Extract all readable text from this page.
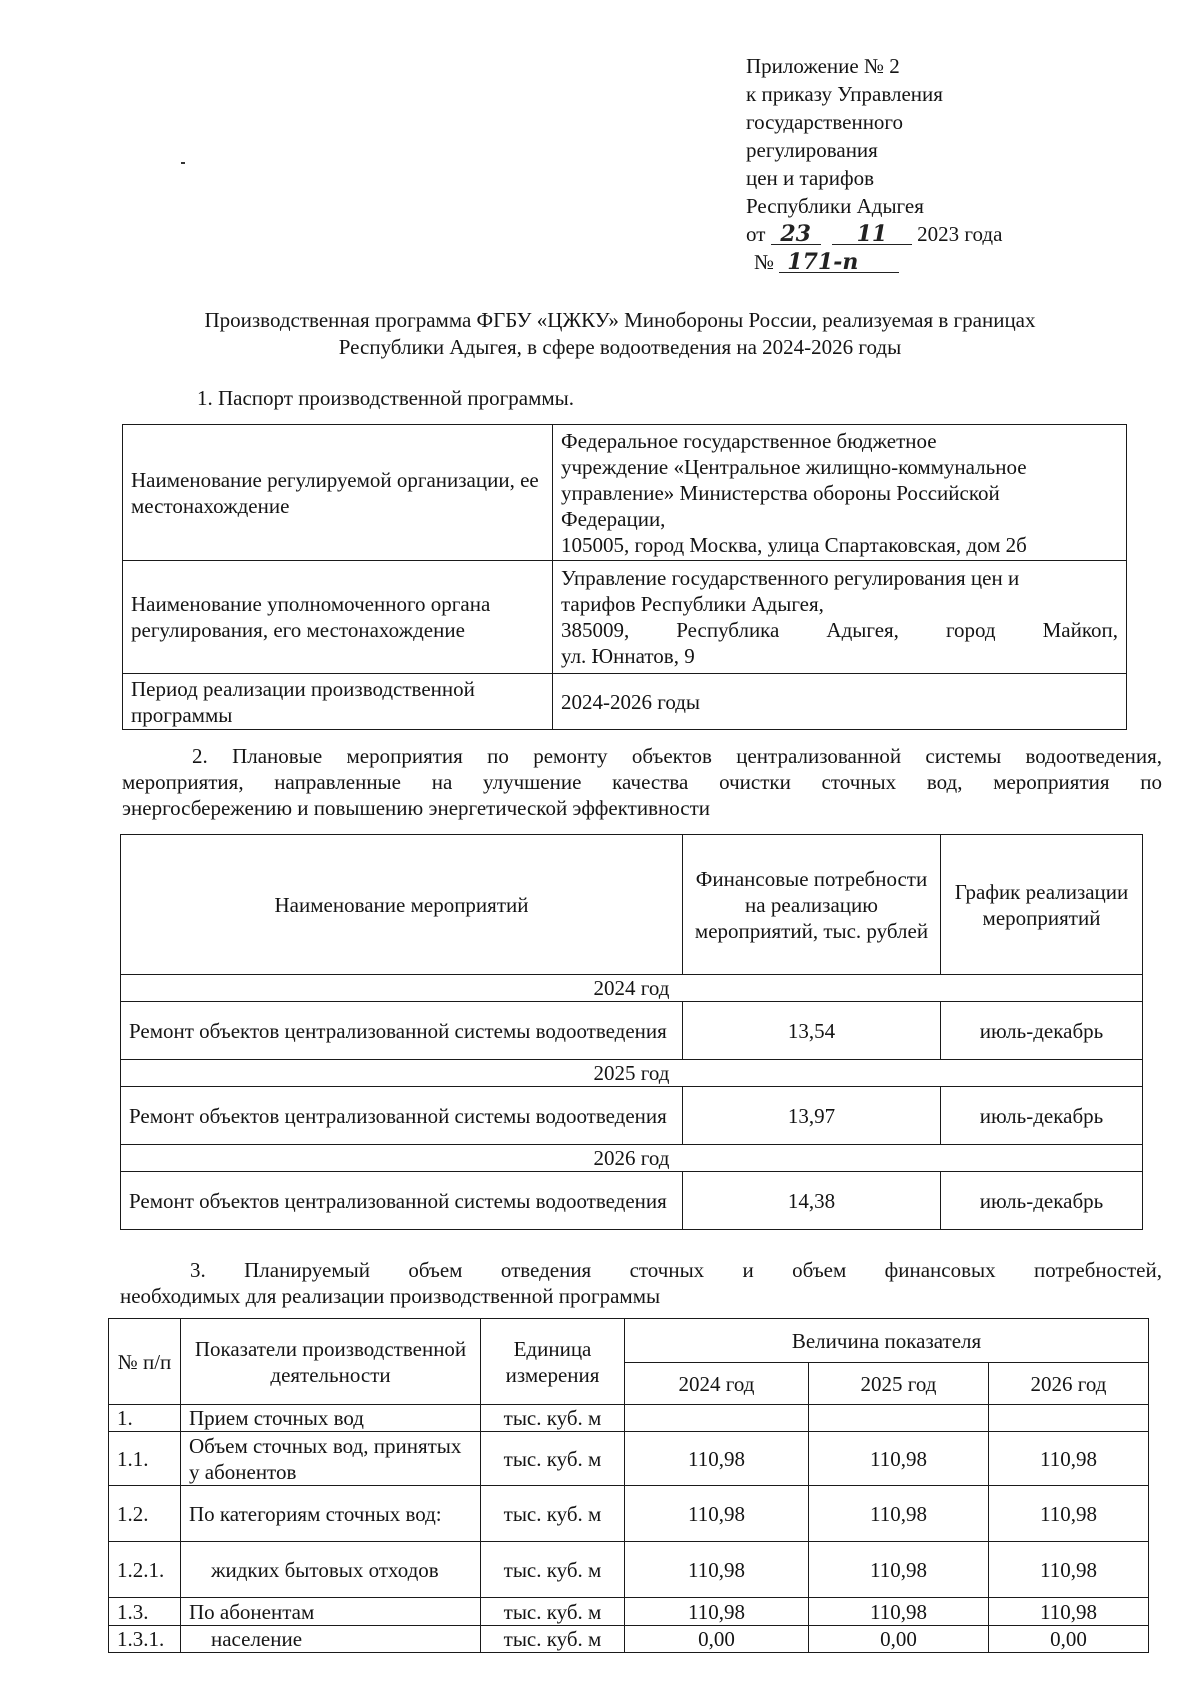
Приложение № 2
к приказу Управления
государственного
регулирования
цен и тарифов
Республики Адыгея
от 23 11 2023 года
№ 171-п
Производственная программа ФГБУ «ЦЖКУ» Минобороны России, реализуемая в границах
Республики Адыгея, в сфере водоотведения на 2024-2026 годы
1. Паспорт производственной программы.
Наименование регулируемой организации, ее местонахождение	Федеральное государственное бюджетное
учреждение «Центральное жилищно-коммунальное
управление» Министерства обороны Российской
Федерации,
105005, город Москва, улица Спартаковская, дом 2б

Наименование уполномоченного органа регулирования, его местонахождение	Управление государственного регулирования цен и
тарифов Республики Адыгея,
385009, Республика Адыгея, город Майкоп,
ул. Юннатов, 9

Период реализации производственной программы	2024-2026 годы
2. Плановые мероприятия по ремонту объектов централизованной системы водоотведения,
мероприятия, направленные на улучшение качества очистки сточных вод, мероприятия по
энергосбережению и повышению энергетической эффективности
Наименование мероприятий	Финансовые потребности на реализацию мероприятий, тыс. рублей	График реализации мероприятий
2024 год		
Ремонт объектов централизованной системы водоотведения	13,54	июль-декабрь
2025 год		
Ремонт объектов централизованной системы водоотведения	13,97	июль-декабрь
2026 год		
Ремонт объектов централизованной системы водоотведения	14,38	июль-декабрь
3. Планируемый объем отведения сточных и объем финансовых потребностей,
необходимых для реализации производственной программы
№ п/п	Показатели производственной деятельности	Единица измерения	Величина показателя		
			2024 год	2025 год	2026 год
1.	Прием сточных вод	тыс. куб. м			
1.1.	Объем сточных вод, принятых у абонентов	тыс. куб. м	110,98	110,98	110,98
1.2.	По категориям сточных вод:	тыс. куб. м	110,98	110,98	110,98
1.2.1.	жидких бытовых отходов	тыс. куб. м	110,98	110,98	110,98
1.3.	По абонентам	тыс. куб. м	110,98	110,98	110,98
1.3.1.	население	тыс. куб. м	0,00	0,00	0,00
